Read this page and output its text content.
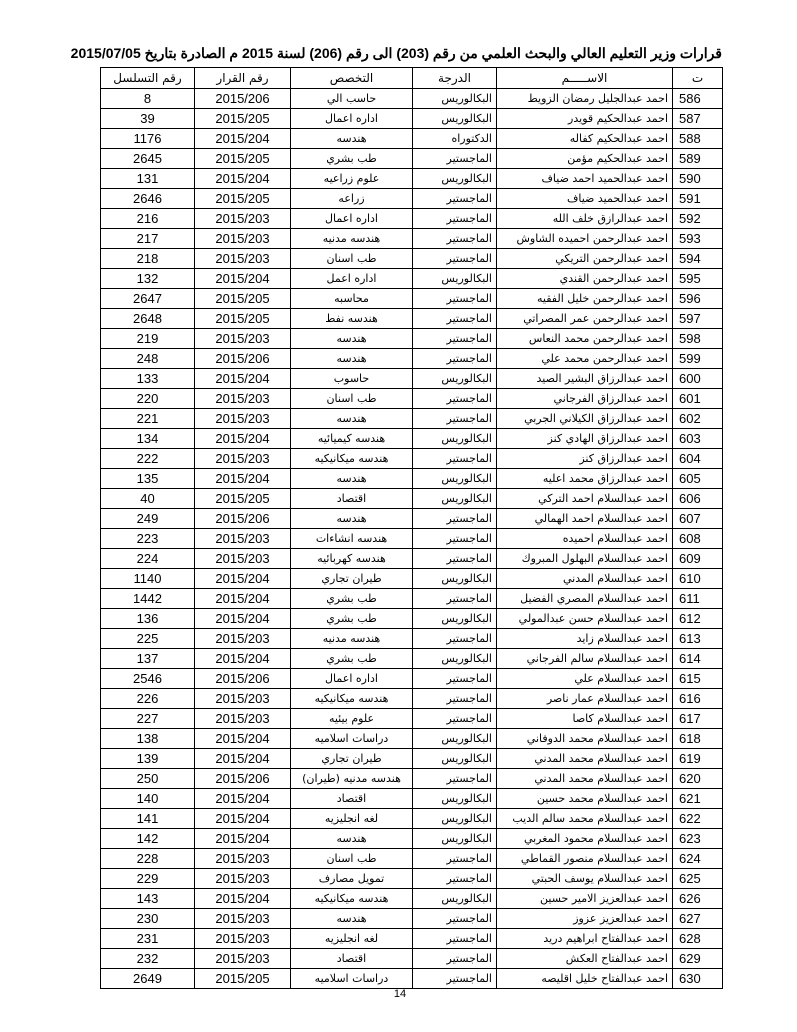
قرارات وزير التعليم العالي والبحث العلمي من رقم (203) الى رقم (206) لسنة 2015 م الصادرة بتاريخ 2015/07/05
ت	الاســـــم	الدرجة	التخصص	رقم القرار	رقم التسلسل
586	احمد عبدالجليل رمضان الزويط	البكالوريس	حاسب الي	2015/206	8
587	احمد عبدالحكيم قويدر	البكالوريس	اداره اعمال	2015/205	39
588	احمد عبدالحكيم كفاله	الدكتوراه	هندسه	2015/204	1176
589	احمد عبدالحكيم مؤمن	الماجستير	طب بشري	2015/205	2645
590	احمد عبدالحميد احمد ضياف	البكالوريس	علوم زراعيه	2015/204	131
591	احمد عبدالحميد ضياف	الماجستير	زراعه	2015/205	2646
592	احمد عبدالرازق خلف الله	الماجستير	اداره اعمال	2015/203	216
593	احمد عبدالرحمن احميده الشاوش	الماجستير	هندسه مدنيه	2015/203	217
594	احمد عبدالرحمن التريكي	الماجستير	طب اسنان	2015/203	218
595	احمد عبدالرحمن القندي	البكالوريس	اداره اعمل	2015/204	132
596	احمد عبدالرحمن خليل الفقيه	الماجستير	محاسبه	2015/205	2647
597	احمد عبدالرحمن عمر المصراتي	الماجستير	هندسه نفط	2015/205	2648
598	احمد عبدالرحمن محمد النعاس	الماجستير	هندسه	2015/203	219
599	احمد عبدالرحمن محمد علي	الماجستير	هندسه	2015/206	248
600	احمد عبدالرزاق البشير الصيد	البكالوريس	حاسوب	2015/204	133
601	احمد عبدالرزاق الفرجاني	الماجستير	طب اسنان	2015/203	220
602	احمد عبدالرزاق الكيلاني الجربي	الماجستير	هندسه	2015/203	221
603	احمد عبدالرزاق الهادي كنز	البكالوريس	هندسه كيميائيه	2015/204	134
604	احمد عبدالرزاق كنز	الماجستير	هندسه ميكانيكيه	2015/203	222
605	احمد عبدالرزاق محمد اعليه	البكالوريس	هندسه	2015/204	135
606	احمد عبدالسلام احمد التركي	البكالوريس	اقتصاد	2015/205	40
607	احمد عبدالسلام احمد الهمالي	الماجستير	هندسه	2015/206	249
608	احمد عبدالسلام احميده	الماجستير	هندسه انشاءات	2015/203	223
609	احمد عبدالسلام البهلول المبروك	الماجستير	هندسه كهربائيه	2015/203	224
610	احمد عبدالسلام المدني	البكالوريس	طيران تجاري	2015/204	1140
611	احمد عبدالسلام المصري الفضيل	الماجستير	طب بشري	2015/204	1442
612	احمد عبدالسلام حسن عبدالمولي	البكالوريس	طب بشري	2015/204	136
613	احمد عبدالسلام زايد	الماجستير	هندسه مدنيه	2015/203	225
614	احمد عبدالسلام سالم الفرجاني	البكالوريس	طب بشري	2015/204	137
615	احمد عبدالسلام علي	الماجستير	اداره اعمال	2015/206	2546
616	احمد عبدالسلام عمار ناصر	الماجستير	هندسه ميكانيكيه	2015/203	226
617	احمد عبدالسلام كاصا	الماجستير	علوم بيئيه	2015/203	227
618	احمد عبدالسلام محمد الدوفاني	البكالوريس	دراسات اسلاميه	2015/204	138
619	احمد عبدالسلام محمد المدني	البكالوريس	طيران تجاري	2015/204	139
620	احمد عبدالسلام محمد المدني	الماجستير	هندسه مدنيه (طيران)	2015/206	250
621	احمد عبدالسلام محمد حسين	البكالوريس	اقتصاد	2015/204	140
622	احمد عبدالسلام محمد سالم الديب	البكالوريس	لغه انجليزيه	2015/204	141
623	احمد عبدالسلام محمود المغربي	البكالوريس	هندسه	2015/204	142
624	احمد عبدالسلام منصور القماطي	الماجستير	طب اسنان	2015/203	228
625	احمد عبدالسلام يوسف الحبتي	الماجستير	تمويل مصارف	2015/203	229
626	احمد عبدالعزيز الامير حسين	البكالوريس	هندسه ميكانيكيه	2015/204	143
627	احمد عبدالعزيز عزوز	الماجستير	هندسه	2015/203	230
628	احمد عبدالفتاح ابراهيم دريد	الماجستير	لغه انجليزيه	2015/203	231
629	احمد عبدالفتاح العكش	الماجستير	اقتصاد	2015/203	232
630	احمد عبدالفتاح خليل اقليصه	الماجستير	دراسات اسلاميه	2015/205	2649
14
